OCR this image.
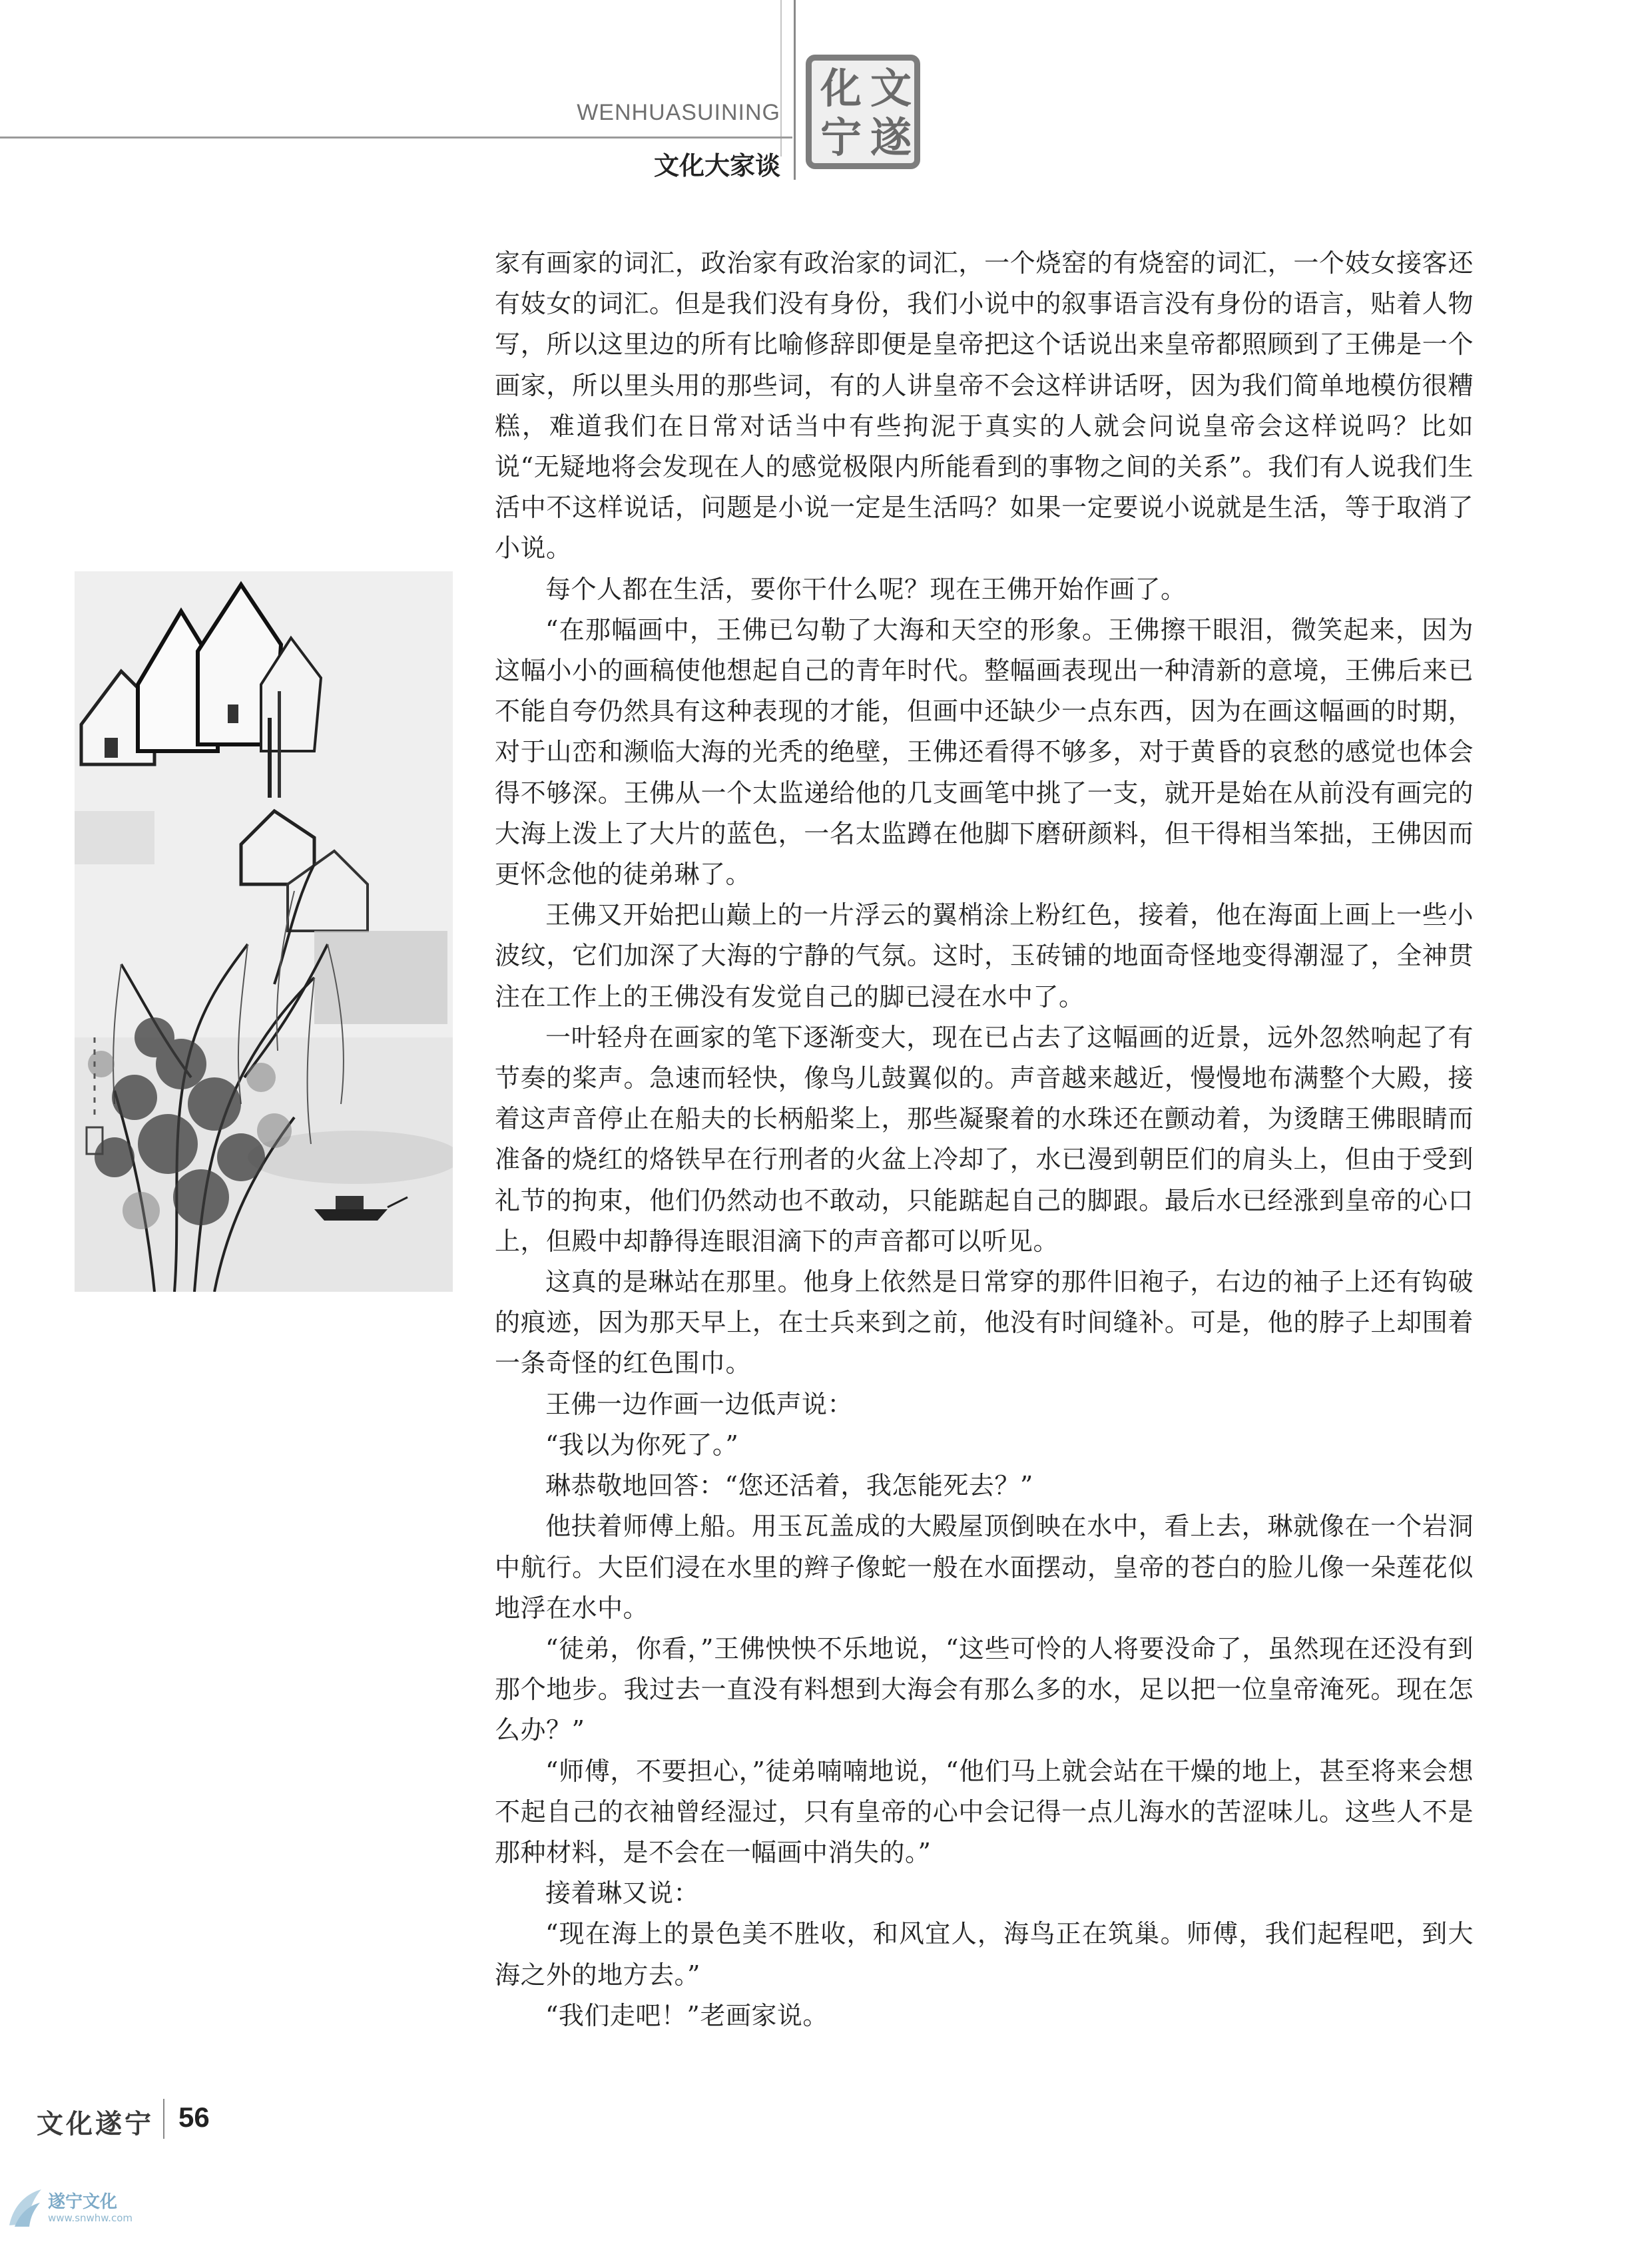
WENHUASUINING
文化大家谈
文
化
遂
宁

家有画家的词汇，政治家有政治家的词汇，一个烧窑的有烧窑的词汇，一个妓女接客还有妓女的词汇。但是我们没有身份，我们小说中的叙事语言没有身份的语言，贴着人物写，所以这里边的所有比喻修辞即便是皇帝把这个话说出来皇帝都照顾到了王佛是一个画家，所以里头用的那些词，有的人讲皇帝不会这样讲话呀，因为我们简单地模仿很糟糕，难道我们在日常对话当中有些拘泥于真实的人就会问说皇帝会这样说吗？比如说“无疑地将会发现在人的感觉极限内所能看到的事物之间的关系”。我们有人说我们生活中不这样说话，问题是小说一定是生活吗？如果一定要说小说就是生活，等于取消了小说。

每个人都在生活，要你干什么呢？现在王佛开始作画了。

“在那幅画中，王佛已勾勒了大海和天空的形象。王佛擦干眼泪，微笑起来，因为这幅小小的画稿使他想起自己的青年时代。整幅画表现出一种清新的意境，王佛后来已不能自夸仍然具有这种表现的才能，但画中还缺少一点东西，因为在画这幅画的时期，对于山峦和濒临大海的光秃的绝壁，王佛还看得不够多，对于黄昏的哀愁的感觉也体会得不够深。王佛从一个太监递给他的几支画笔中挑了一支，就开是始在从前没有画完的大海上泼上了大片的蓝色，一名太监蹲在他脚下磨研颜料，但干得相当笨拙，王佛因而更怀念他的徒弟琳了。

王佛又开始把山巅上的一片浮云的翼梢涂上粉红色，接着，他在海面上画上一些小波纹，它们加深了大海的宁静的气氛。这时，玉砖铺的地面奇怪地变得潮湿了，全神贯注在工作上的王佛没有发觉自己的脚已浸在水中了。

一叶轻舟在画家的笔下逐渐变大，现在已占去了这幅画的近景，远外忽然响起了有节奏的桨声。急速而轻快，像鸟儿鼓翼似的。声音越来越近，慢慢地布满整个大殿，接着这声音停止在船夫的长柄船桨上，那些凝聚着的水珠还在颤动着，为烫瞎王佛眼睛而准备的烧红的烙铁早在行刑者的火盆上冷却了，水已漫到朝臣们的肩头上，但由于受到礼节的拘束，他们仍然动也不敢动，只能踮起自己的脚跟。最后水已经涨到皇帝的心口上，但殿中却静得连眼泪滴下的声音都可以听见。

这真的是琳站在那里。他身上依然是日常穿的那件旧袍子，右边的袖子上还有钩破的痕迹，因为那天早上，在士兵来到之前，他没有时间缝补。可是，他的脖子上却围着一条奇怪的红色围巾。

王佛一边作画一边低声说：

“我以为你死了。”

琳恭敬地回答：“您还活着，我怎能死去？”

他扶着师傅上船。用玉瓦盖成的大殿屋顶倒映在水中，看上去，琳就像在一个岩洞中航行。大臣们浸在水里的辫子像蛇一般在水面摆动，皇帝的苍白的脸儿像一朵莲花似地浮在水中。

“徒弟，你看，”王佛怏怏不乐地说，“这些可怜的人将要没命了，虽然现在还没有到那个地步。我过去一直没有料想到大海会有那么多的水，足以把一位皇帝淹死。现在怎么办？”

“师傅，不要担心，”徒弟喃喃地说，“他们马上就会站在干燥的地上，甚至将来会想不起自己的衣袖曾经湿过，只有皇帝的心中会记得一点儿海水的苦涩味儿。这些人不是那种材料，是不会在一幅画中消失的。”

接着琳又说：

“现在海上的景色美不胜收，和风宜人，海鸟正在筑巢。师傅，我们起程吧，到大海之外的地方去。”

“我们走吧！”老画家说。

文化遂宁 56
遂宁文化
www.snwhw.com
